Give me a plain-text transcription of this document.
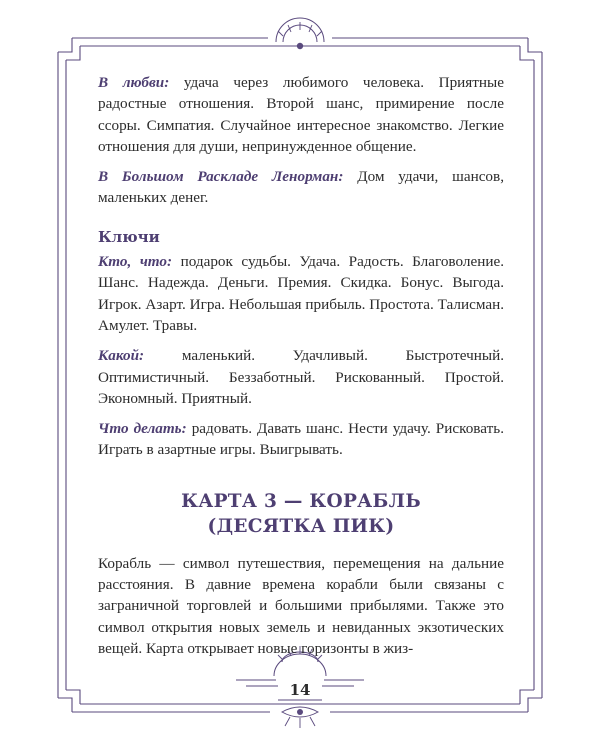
В любви: удача через любимого человека. Приятные радостные отношения. Второй шанс, примирение после ссоры. Симпатия. Случайное интересное знакомство. Легкие отношения для души, непринужденное общение.

В Большом Раскладе Ленорман: Дом удачи, шансов, маленьких денег.

Ключи

Кто, что: подарок судьбы. Удача. Радость. Благоволение. Шанс. Надежда. Деньги. Премия. Скидка. Бонус. Выгода. Игрок. Азарт. Игра. Небольшая прибыль. Простота. Талисман. Амулет. Травы.

Какой: маленький. Удачливый. Быстротечный. Оптимистичный. Беззаботный. Рискованный. Простой. Экономный. Приятный.

Что делать: радовать. Давать шанс. Нести удачу. Рисковать. Играть в азартные игры. Выигрывать.

КАРТА 3 — КОРАБЛЬ
(ДЕСЯТКА ПИК)

Корабль — символ путешествия, перемещения на дальние расстояния. В давние времена корабли были связаны с заграничной торговлей и большими прибылями. Также это символ открытия новых земель и невиданных экзотических вещей. Карта открывает новые горизонты в жиз-

14
